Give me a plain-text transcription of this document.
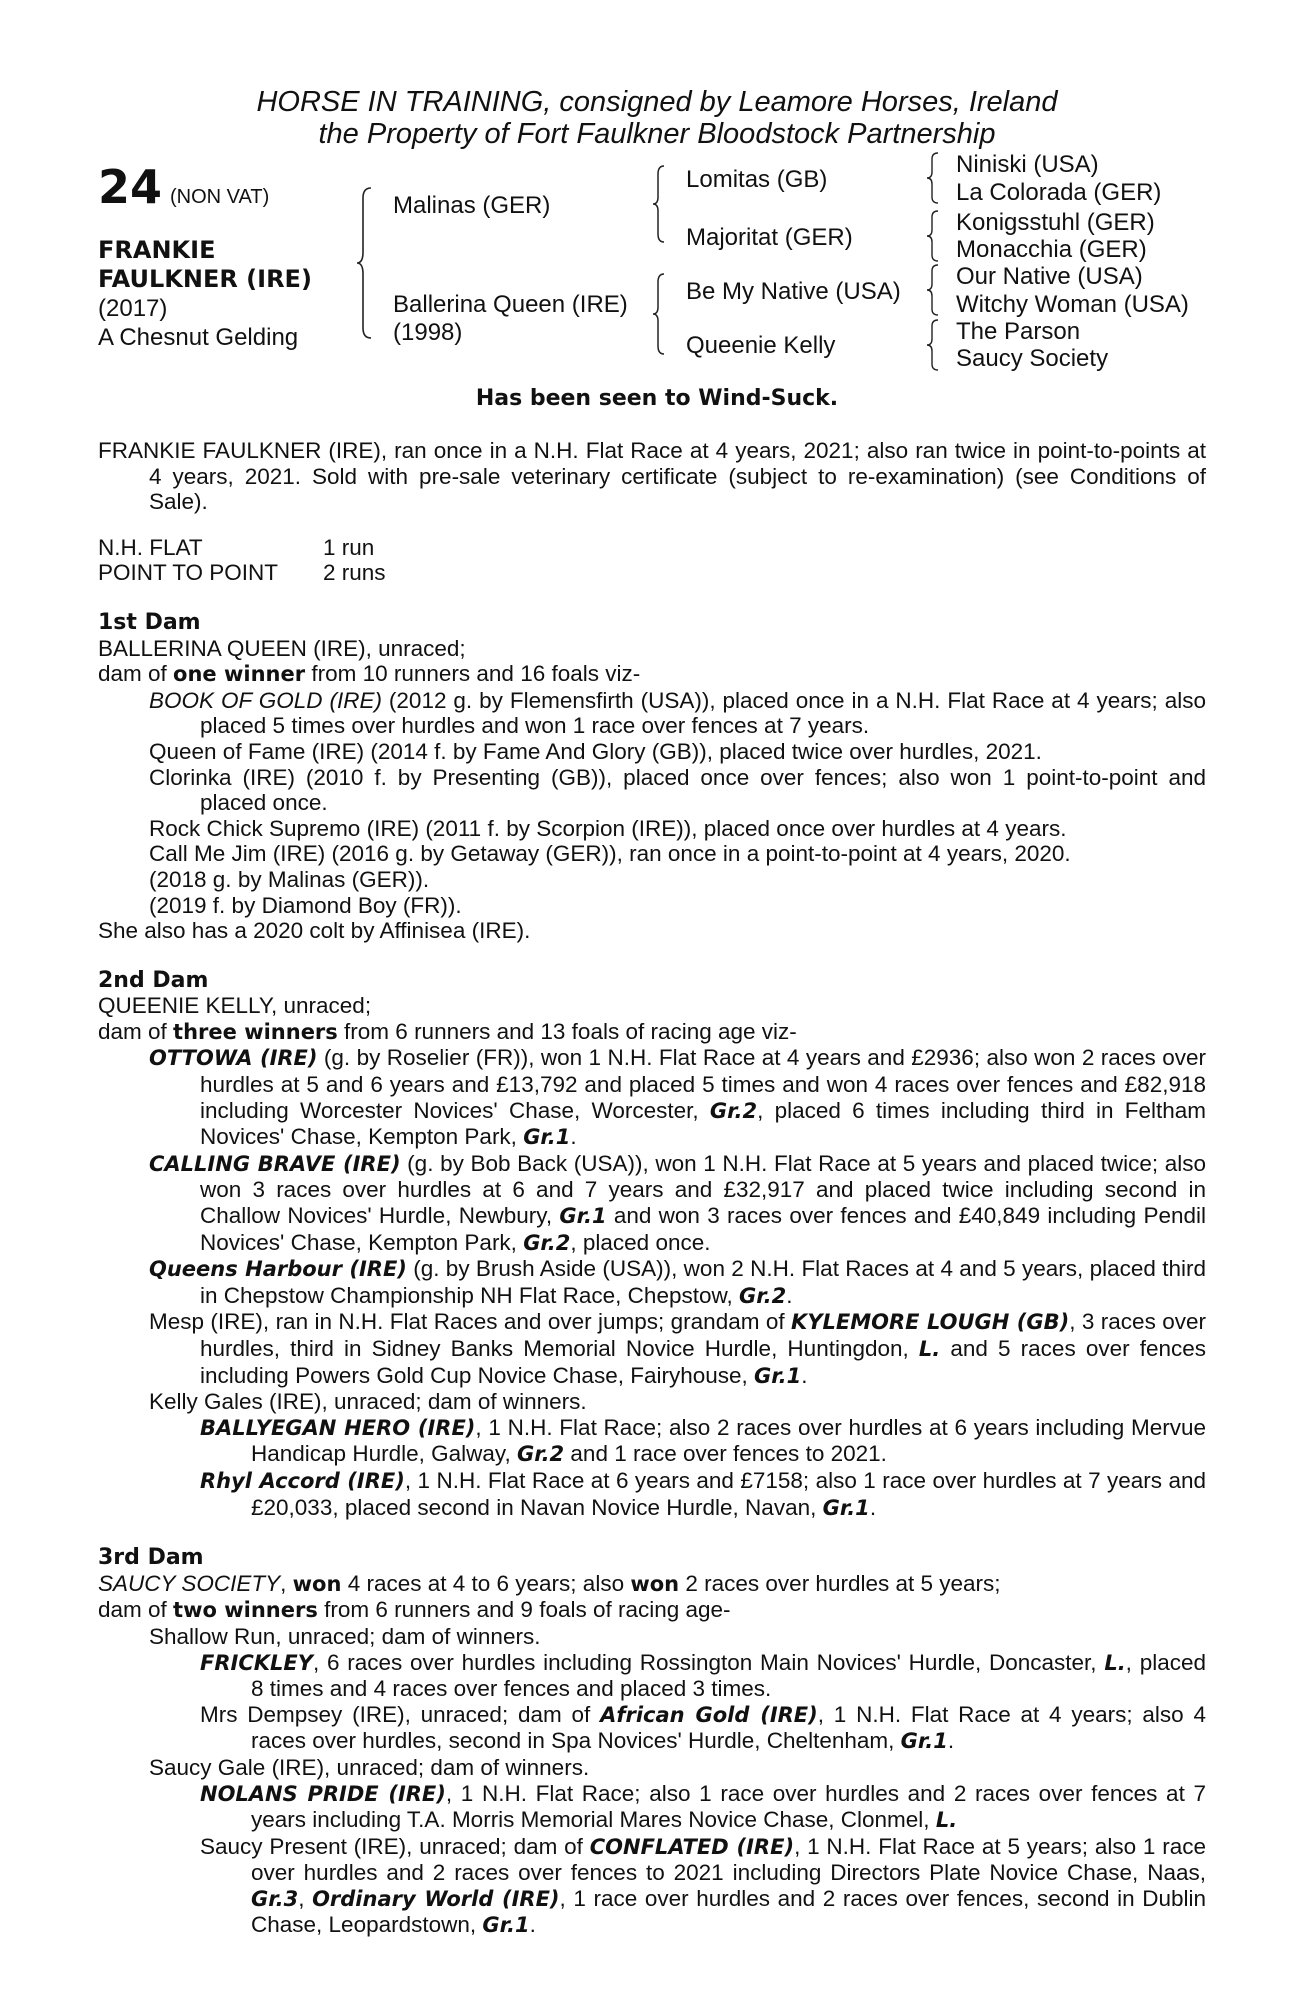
HORSE IN TRAINING, consigned by Leamore Horses, Ireland
the Property of Fort Faulkner Bloodstock Partnership
24 (NON VAT)
FRANKIE
FAULKNER (IRE)
(2017)
A Chesnut Gelding
Malinas (GER)
Ballerina Queen (IRE)
(1998)
Lomitas (GB)
Majoritat (GER)
Be My Native (USA)
Queenie Kelly
Niniski (USA)
La Colorada (GER)
Konigsstuhl (GER)
Monacchia (GER)
Our Native (USA)
Witchy Woman (USA)
The Parson
Saucy Society
Has been seen to Wind-Suck.

FRANKIE FAULKNER (IRE), ran once in a N.H. Flat Race at 4 years, 2021; also ran twice in point-to-points at 4 years, 2021. Sold with pre-sale veterinary certificate (subject to re-examination) (see Conditions of Sale).

N.H. FLAT	1 run
POINT TO POINT	2 runs
1st Dam

BALLERINA QUEEN (IRE), unraced;

dam of one winner from 10 runners and 16 foals viz-

BOOK OF GOLD (IRE) (2012 g. by Flemensfirth (USA)), placed once in a N.H. Flat Race at 4 years; also placed 5 times over hurdles and won 1 race over fences at 7 years.

Queen of Fame (IRE) (2014 f. by Fame And Glory (GB)), placed twice over hurdles, 2021.

Clorinka (IRE) (2010 f. by Presenting (GB)), placed once over fences; also won 1 point-to-point and placed once.

Rock Chick Supremo (IRE) (2011 f. by Scorpion (IRE)), placed once over hurdles at 4 years.

Call Me Jim (IRE) (2016 g. by Getaway (GER)), ran once in a point-to-point at 4 years, 2020.

(2018 g. by Malinas (GER)).

(2019 f. by Diamond Boy (FR)).

She also has a 2020 colt by Affinisea (IRE).

2nd Dam

QUEENIE KELLY, unraced;

dam of three winners from 6 runners and 13 foals of racing age viz-

OTTOWA (IRE) (g. by Roselier (FR)), won 1 N.H. Flat Race at 4 years and £2936; also won 2 races over hurdles at 5 and 6 years and £13,792 and placed 5 times and won 4 races over fences and £82,918 including Worcester Novices' Chase, Worcester, Gr.2, placed 6 times including third in Feltham Novices' Chase, Kempton Park, Gr.1.

CALLING BRAVE (IRE) (g. by Bob Back (USA)), won 1 N.H. Flat Race at 5 years and placed twice; also won 3 races over hurdles at 6 and 7 years and £32,917 and placed twice including second in Challow Novices' Hurdle, Newbury, Gr.1 and won 3 races over fences and £40,849 including Pendil Novices' Chase, Kempton Park, Gr.2, placed once.

Queens Harbour (IRE) (g. by Brush Aside (USA)), won 2 N.H. Flat Races at 4 and 5 years, placed third in Chepstow Championship NH Flat Race, Chepstow, Gr.2.

Mesp (IRE), ran in N.H. Flat Races and over jumps; grandam of KYLEMORE LOUGH (GB), 3 races over hurdles, third in Sidney Banks Memorial Novice Hurdle, Huntingdon, L. and 5 races over fences including Powers Gold Cup Novice Chase, Fairyhouse, Gr.1.

Kelly Gales (IRE), unraced; dam of winners.

BALLYEGAN HERO (IRE), 1 N.H. Flat Race; also 2 races over hurdles at 6 years including Mervue Handicap Hurdle, Galway, Gr.2 and 1 race over fences to 2021.

Rhyl Accord (IRE), 1 N.H. Flat Race at 6 years and £7158; also 1 race over hurdles at 7 years and £20,033, placed second in Navan Novice Hurdle, Navan, Gr.1.

3rd Dam

SAUCY SOCIETY, won 4 races at 4 to 6 years; also won 2 races over hurdles at 5 years;

dam of two winners from 6 runners and 9 foals of racing age-

Shallow Run, unraced; dam of winners.

FRICKLEY, 6 races over hurdles including Rossington Main Novices' Hurdle, Doncaster, L., placed 8 times and 4 races over fences and placed 3 times.

Mrs Dempsey (IRE), unraced; dam of African Gold (IRE), 1 N.H. Flat Race at 4 years; also 4 races over hurdles, second in Spa Novices' Hurdle, Cheltenham, Gr.1.

Saucy Gale (IRE), unraced; dam of winners.

NOLANS PRIDE (IRE), 1 N.H. Flat Race; also 1 race over hurdles and 2 races over fences at 7 years including T.A. Morris Memorial Mares Novice Chase, Clonmel, L.

Saucy Present (IRE), unraced; dam of CONFLATED (IRE), 1 N.H. Flat Race at 5 years; also 1 race over hurdles and 2 races over fences to 2021 including Directors Plate Novice Chase, Naas, Gr.3, Ordinary World (IRE), 1 race over hurdles and 2 races over fences, second in Dublin Chase, Leopardstown, Gr.1.
